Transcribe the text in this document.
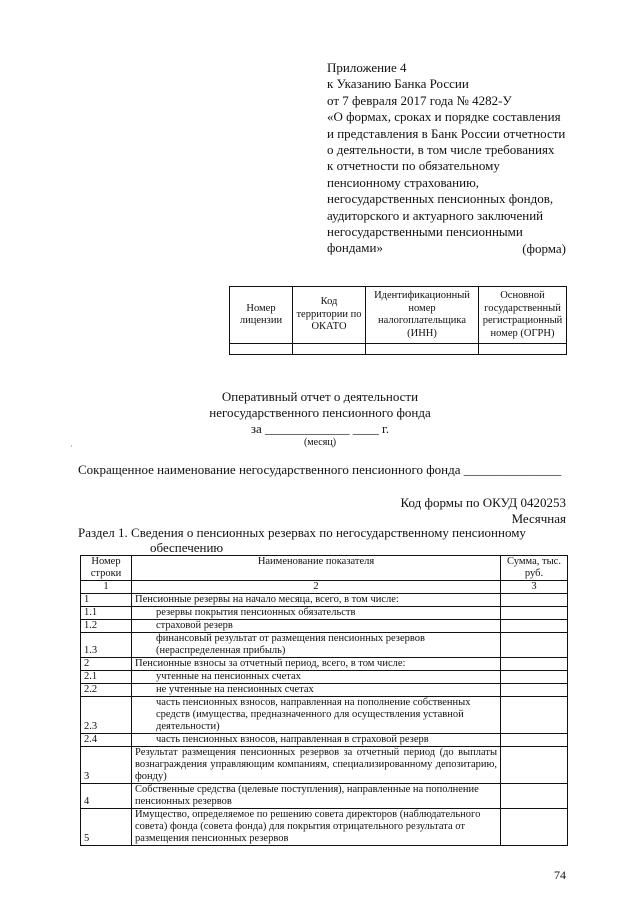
Приложение 4
к Указанию Банка России
от 7 февраля 2017 года № 4282-У
«О формах, сроках и порядке составления
и представления в Банк России отчетности
о деятельности, в том числе требованиях
к отчетности по обязательному
пенсионному страхованию,
негосударственных пенсионных фондов,
аудиторского и актуарного заключений
негосударственными пенсионными
фондами»	(форма)
Номер лицензии	Код территории по ОКАТО	Идентификационный номер налогоплательщика (ИНН)	Основной государственный регистрационный номер (ОГРН)

Оперативный отчет о деятельности
негосударственного пенсионного фонда
за _____________ ____ г.
(месяц)
·
Сокращенное наименование негосударственного пенсионного фонда _______________
Код формы по ОКУД 0420253
Месячная
Раздел 1. Сведения о пенсионных резервах по негосударственному пенсионному
обеспечению
Номер строки	Наименование показателя	Сумма, тыс. руб.
1	2	3
1	Пенсионные резервы на начало месяца, всего, в том числе:	
1.1	резервы покрытия пенсионных обязательств	
1.2	страховой резерв	
1.3	финансовый результат от размещения пенсионных резервов (нераспределенная прибыль)	
2	Пенсионные взносы за отчетный период, всего, в том числе:	
2.1	учтенные на пенсионных счетах	
2.2	не учтенные на пенсионных счетах	
2.3	часть пенсионных взносов, направленная на пополнение собственных средств (имущества, предназначенного для осуществления уставной деятельности)	
2.4	часть пенсионных взносов, направленная в страховой резерв	
3	Результат размещения пенсионных резервов за отчетный период (до выплаты вознаграждения управляющим компаниям, специализированному депозитарию, фонду)	
4	Собственные средства (целевые поступления), направленные на пополнение пенсионных резервов	
5	Имущество, определяемое по решению совета директоров (наблюдательного совета) фонда (совета фонда) для покрытия отрицательного результата от размещения пенсионных резервов	
74
